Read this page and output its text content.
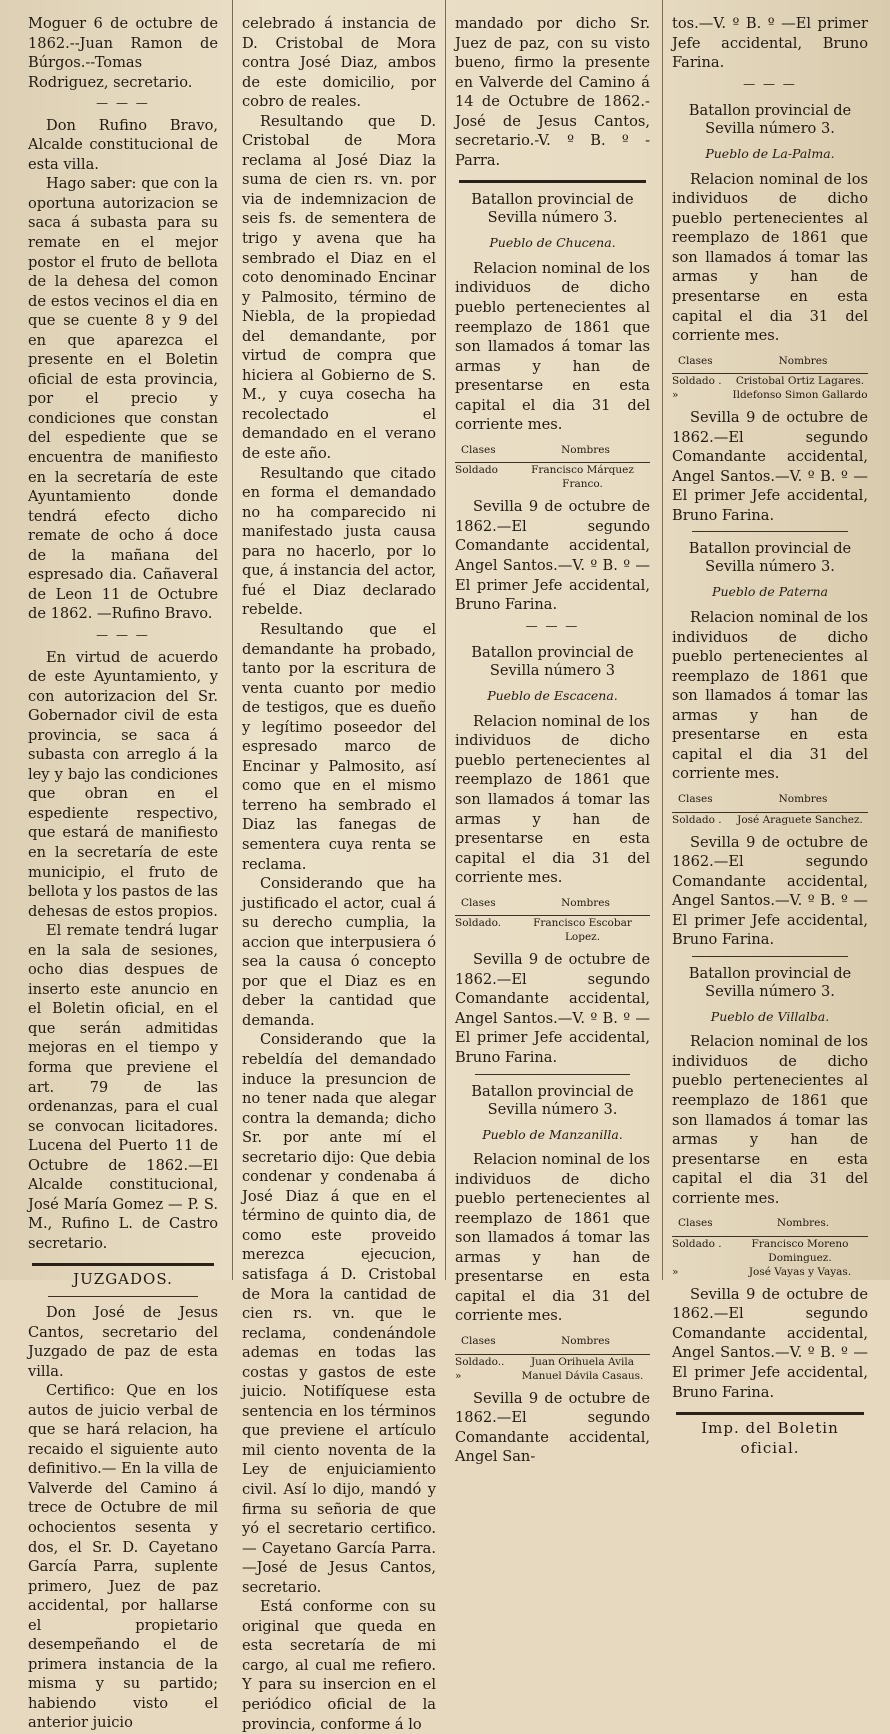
Moguer 6 de octubre de 1862.--Juan Ramon de Búrgos.--Tomas Rodriguez, secretario.

— — —

Don Rufino Bravo, Alcalde constitucional de esta villa.

Hago saber: que con la oportuna autorizacion se saca á subasta para su remate en el mejor postor el fruto de bellota de la dehesa del comon de estos vecinos el dia en que se cuente 8 y 9 del en que aparezca el presente en el Boletin oficial de esta provincia, por el precio y condiciones que constan del espediente que se encuentra de manifiesto en la secretaría de este Ayuntamiento donde tendrá efecto dicho remate de ocho á doce de la mañana del espresado dia. Cañaveral de Leon 11 de Octubre de 1862. —Rufino Bravo.

— — —

En virtud de acuerdo de este Ayuntamiento, y con autorizacion del Sr. Gobernador civil de esta provincia, se saca á subasta con arreglo á la ley y bajo las condiciones que obran en el espediente respectivo, que estará de manifiesto en la secretaría de este municipio, el fruto de bellota y los pastos de las dehesas de estos propios.

El remate tendrá lugar en la sala de sesiones, ocho dias despues de inserto este anuncio en el Boletin oficial, en el que serán admitidas mejoras en el tiempo y forma que previene el art. 79 de las ordenanzas, para el cual se convocan licitadores. Lucena del Puerto 11 de Octubre de 1862.—El Alcalde constitucional, José María Gomez — P. S. M., Rufino L. de Castro secretario.

JUZGADOS.

Don José de Jesus Cantos, secretario del Juzgado de paz de esta villa.

Certifico: Que en los autos de juicio verbal de que se hará relacion, ha recaido el siguiente auto definitivo.— En la villa de Valverde del Camino á trece de Octubre de mil ochocientos sesenta y dos, el Sr. D. Cayetano García Parra, suplente primero, Juez de paz accidental, por hallarse el propietario desempeñando el de primera instancia de la misma y su partido; habiendo visto el anterior juicio

celebrado á instancia de D. Cristobal de Mora contra José Diaz, ambos de este domicilio, por cobro de reales.

Resultando que D. Cristobal de Mora reclama al José Diaz la suma de cien rs. vn. por via de indemnizacion de seis fs. de sementera de trigo y avena que ha sembrado el Diaz en el coto denominado Encinar y Palmosito, término de Niebla, de la propiedad del demandante, por virtud de compra que hiciera al Gobierno de S. M., y cuya cosecha ha recolectado el demandado en el verano de este año.

Resultando que citado en forma el demandado no ha comparecido ni manifestado justa causa para no hacerlo, por lo que, á instancia del actor, fué el Diaz declarado rebelde.

Resultando que el demandante ha probado, tanto por la escritura de venta cuanto por medio de testigos, que es dueño y legítimo poseedor del espresado marco de Encinar y Palmosito, así como que en el mismo terreno ha sembrado el Diaz las fanegas de sementera cuya renta se reclama.

Considerando que ha justificado el actor, cual á su derecho cumplia, la accion que interpusiera ó sea la causa ó concepto por que el Diaz es en deber la cantidad que demanda.

Considerando que la rebeldía del demandado induce la presuncion de no tener nada que alegar contra la demanda; dicho Sr. por ante mí el secretario dijo: Que debia condenar y condenaba á José Diaz á que en el término de quinto dia, de como este proveido merezca ejecucion, satisfaga á D. Cristobal de Mora la cantidad de cien rs. vn. que le reclama, condenándole ademas en todas las costas y gastos de este juicio. Notifíquese esta sentencia en los términos que previene el artículo mil ciento noventa de la Ley de enjuiciamiento civil. Así lo dijo, mandó y firma su señoria de que yó el secretario certifico.— Cayetano García Parra.—José de Jesus Cantos, secretario.

Está conforme con su original que queda en esta secretaría de mi cargo, al cual me refiero. Y para su insercion en el periódico oficial de la provincia, conforme á lo

mandado por dicho Sr. Juez de paz, con su visto bueno, firmo la presente en Valverde del Camino á 14 de Octubre de 1862.-José de Jesus Cantos, secretario.-V. º B. º - Parra.

Batallon provincial de Sevilla número 3.
Pueblo de Chucena.

Relacion nominal de los individuos de dicho pueblo pertenecientes al reemplazo de 1861 que son llamados á tomar las armas y han de presentarse en esta capital el dia 31 del corriente mes.

Clases	Nombres
Soldado	Francisco Márquez Franco.

Sevilla 9 de octubre de 1862.—El segundo Comandante accidental, Angel Santos.—V. º B. º —El primer Jefe accidental, Bruno Farina.

— — —
Batallon provincial de Sevilla número 3
Pueblo de Escacena.

Relacion nominal de los individuos de dicho pueblo pertenecientes al reemplazo de 1861 que son llamados á tomar las armas y han de presentarse en esta capital el dia 31 del corriente mes.

Clases	Nombres
Soldado.	Francisco Escobar Lopez.

Sevilla 9 de octubre de 1862.—El segundo Comandante accidental, Angel Santos.—V. º B. º —El primer Jefe accidental, Bruno Farina.

Batallon provincial de Sevilla número 3.
Pueblo de Manzanilla.

Relacion nominal de los individuos de dicho pueblo pertenecientes al reemplazo de 1861 que son llamados á tomar las armas y han de presentarse en esta capital el dia 31 del corriente mes.

Clases	Nombres
Soldado..	Juan Orihuela Avila
»	Manuel Dávila Casaus.

Sevilla 9 de octubre de 1862.—El segundo Comandante accidental, Angel San-

tos.—V. º B. º —El primer Jefe accidental, Bruno Farina.

— — —
Batallon provincial de Sevilla número 3.
Pueblo de La-Palma.

Relacion nominal de los individuos de dicho pueblo pertenecientes al reemplazo de 1861 que son llamados á tomar las armas y han de presentarse en esta capital el dia 31 del corriente mes.

Clases	Nombres
Soldado .	Cristobal Ortiz Lagares.
»	Ildefonso Simon Gallardo

Sevilla 9 de octubre de 1862.—El segundo Comandante accidental, Angel Santos.—V. º B. º —El primer Jefe accidental, Bruno Farina.

Batallon provincial de Sevilla número 3.
Pueblo de Paterna

Relacion nominal de los individuos de dicho pueblo pertenecientes al reemplazo de 1861 que son llamados á tomar las armas y han de presentarse en esta capital el dia 31 del corriente mes.

Clases	Nombres
Soldado .	José Araguete Sanchez.

Sevilla 9 de octubre de 1862.—El segundo Comandante accidental, Angel Santos.—V. º B. º —El primer Jefe accidental, Bruno Farina.

Batallon provincial de Sevilla número 3.
Pueblo de Villalba.

Relacion nominal de los individuos de dicho pueblo pertenecientes al reemplazo de 1861 que son llamados á tomar las armas y han de presentarse en esta capital el dia 31 del corriente mes.

Clases	Nombres.
Soldado .	Francisco Moreno Dominguez.
»	José Vayas y Vayas.

Sevilla 9 de octubre de 1862.—El segundo Comandante accidental, Angel Santos.—V. º B. º —El primer Jefe accidental, Bruno Farina.

Imp. del Boletin oficial.
